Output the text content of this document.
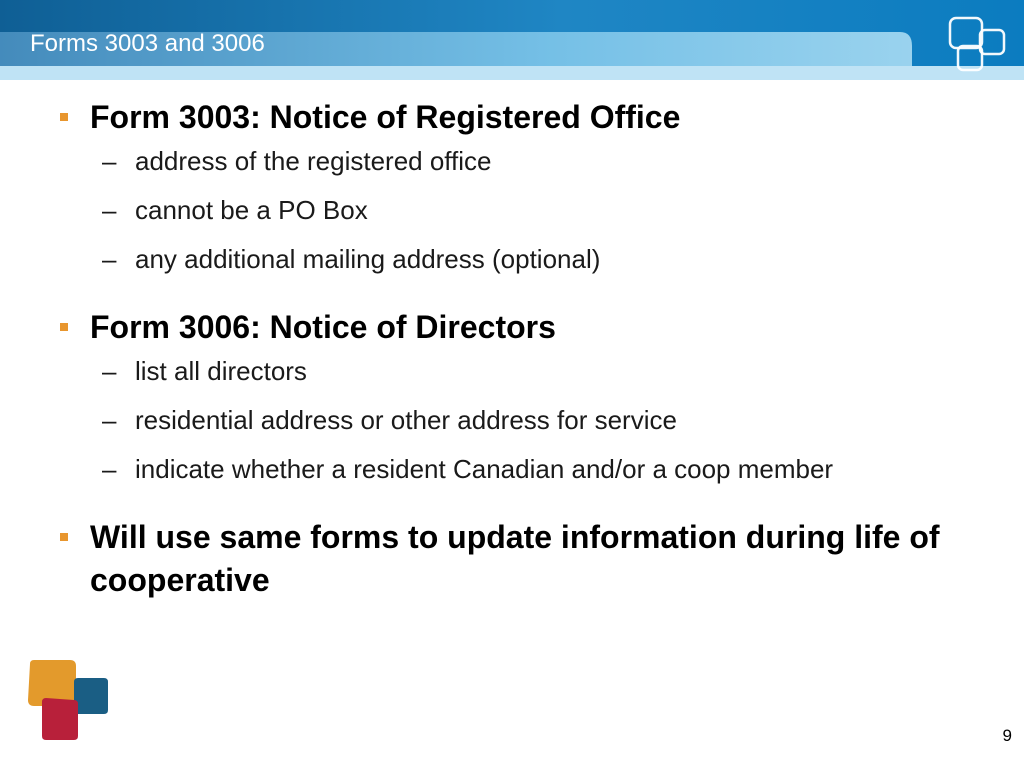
Forms 3003 and 3006
Form 3003: Notice of Registered Office
– address of the registered office
– cannot be a PO Box
– any additional mailing address (optional)
Form 3006: Notice of Directors
– list all directors
– residential address or other address for service
– indicate whether a resident Canadian and/or a coop member
Will use same forms to update information during life of cooperative
9
